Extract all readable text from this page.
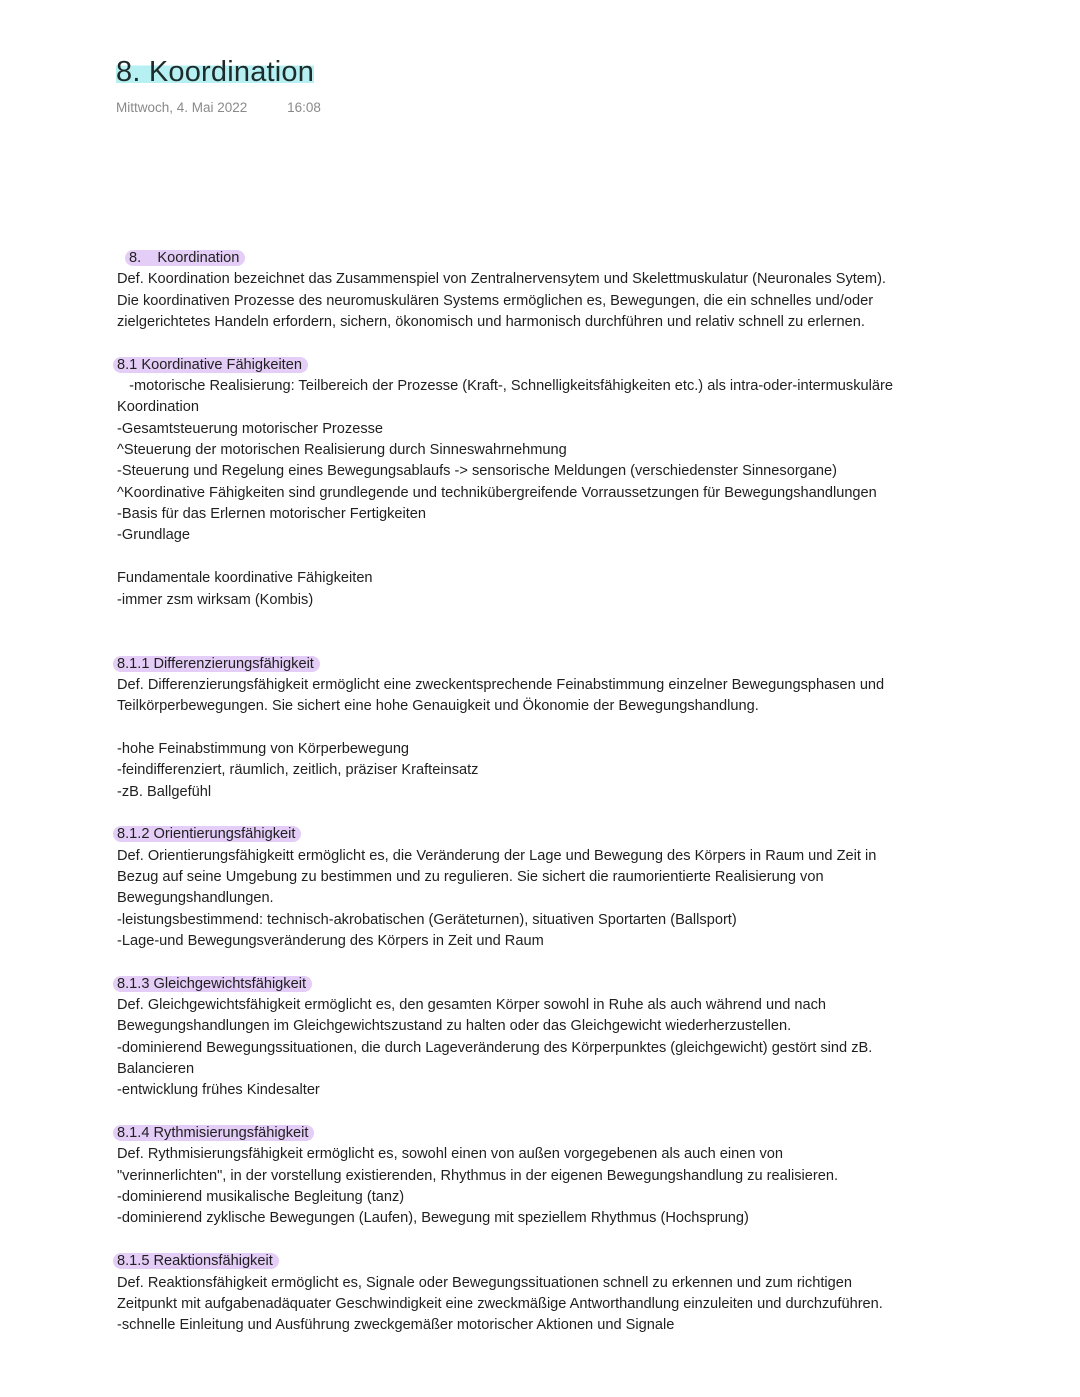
8. Koordination
Mittwoch, 4. Mai 2022	16:08
8.    Koordination
Def. Koordination bezeichnet das Zusammenspiel von Zentralnervensytem und Skelettmuskulatur (Neuronales Sytem).
Die koordinativen Prozesse des neuromuskulären Systems ermöglichen es, Bewegungen, die ein schnelles und/oder
zielgerichtetes Handeln erfordern, sichern, ökonomisch und harmonisch durchführen und relativ schnell zu erlernen.
8.1 Koordinative Fähigkeiten
-motorische Realisierung: Teilbereich der Prozesse (Kraft-, Schnelligkeitsfähigkeiten etc.) als intra-oder-intermuskuläre
Koordination
-Gesamtsteuerung motorischer Prozesse
^Steuerung der motorischen Realisierung durch Sinneswahrnehmung
-Steuerung und Regelung eines Bewegungsablaufs -> sensorische Meldungen (verschiedenster Sinnesorgane)
^Koordinative Fähigkeiten sind grundlegende und technikübergreifende Vorraussetzungen für Bewegungshandlungen
-Basis für das Erlernen motorischer Fertigkeiten
-Grundlage
Fundamentale koordinative Fähigkeiten
-immer zsm wirksam (Kombis)
8.1.1 Differenzierungsfähigkeit
Def. Differenzierungsfähigkeit ermöglicht eine zweckentsprechende Feinabstimmung einzelner Bewegungsphasen und
Teilkörperbewegungen. Sie sichert eine hohe Genauigkeit und Ökonomie der Bewegungshandlung.
-hohe Feinabstimmung von Körperbewegung
-feindifferenziert, räumlich, zeitlich, präziser Krafteinsatz
-zB. Ballgefühl
8.1.2 Orientierungsfähigkeit
Def. Orientierungsfähigkeitt ermöglicht es, die Veränderung der Lage und Bewegung des Körpers in Raum und Zeit in
Bezug auf seine Umgebung zu bestimmen und zu regulieren. Sie sichert die raumorientierte Realisierung von
Bewegungshandlungen.
-leistungsbestimmend: technisch-akrobatischen (Geräteturnen), situativen Sportarten (Ballsport)
-Lage-und Bewegungsveränderung des Körpers in Zeit und Raum
8.1.3 Gleichgewichtsfähigkeit
Def. Gleichgewichtsfähigkeit ermöglicht es, den gesamten Körper sowohl in Ruhe als auch während und nach
Bewegungshandlungen im Gleichgewichtszustand zu halten oder das Gleichgewicht wiederherzustellen.
-dominierend Bewegungssituationen, die durch Lageveränderung des Körperpunktes (gleichgewicht) gestört sind zB.
Balancieren
-entwicklung frühes Kindesalter
8.1.4 Rythmisierungsfähigkeit
Def. Rythmisierungsfähigkeit ermöglicht es, sowohl einen von außen vorgegebenen als auch einen von
"verinnerlichten", in der vorstellung existierenden, Rhythmus in der eigenen Bewegungshandlung zu realisieren.
-dominierend musikalische Begleitung (tanz)
-dominierend zyklische Bewegungen (Laufen), Bewegung mit speziellem Rhythmus (Hochsprung)
8.1.5 Reaktionsfähigkeit
Def. Reaktionsfähigkeit ermöglicht es, Signale oder Bewegungssituationen schnell zu erkennen und zum richtigen
Zeitpunkt mit aufgabenadäquater Geschwindigkeit eine zweckmäßige Antworthandlung einzuleiten und durchzuführen.
-schnelle Einleitung und Ausführung zweckgemäßer motorischer Aktionen und Signale
